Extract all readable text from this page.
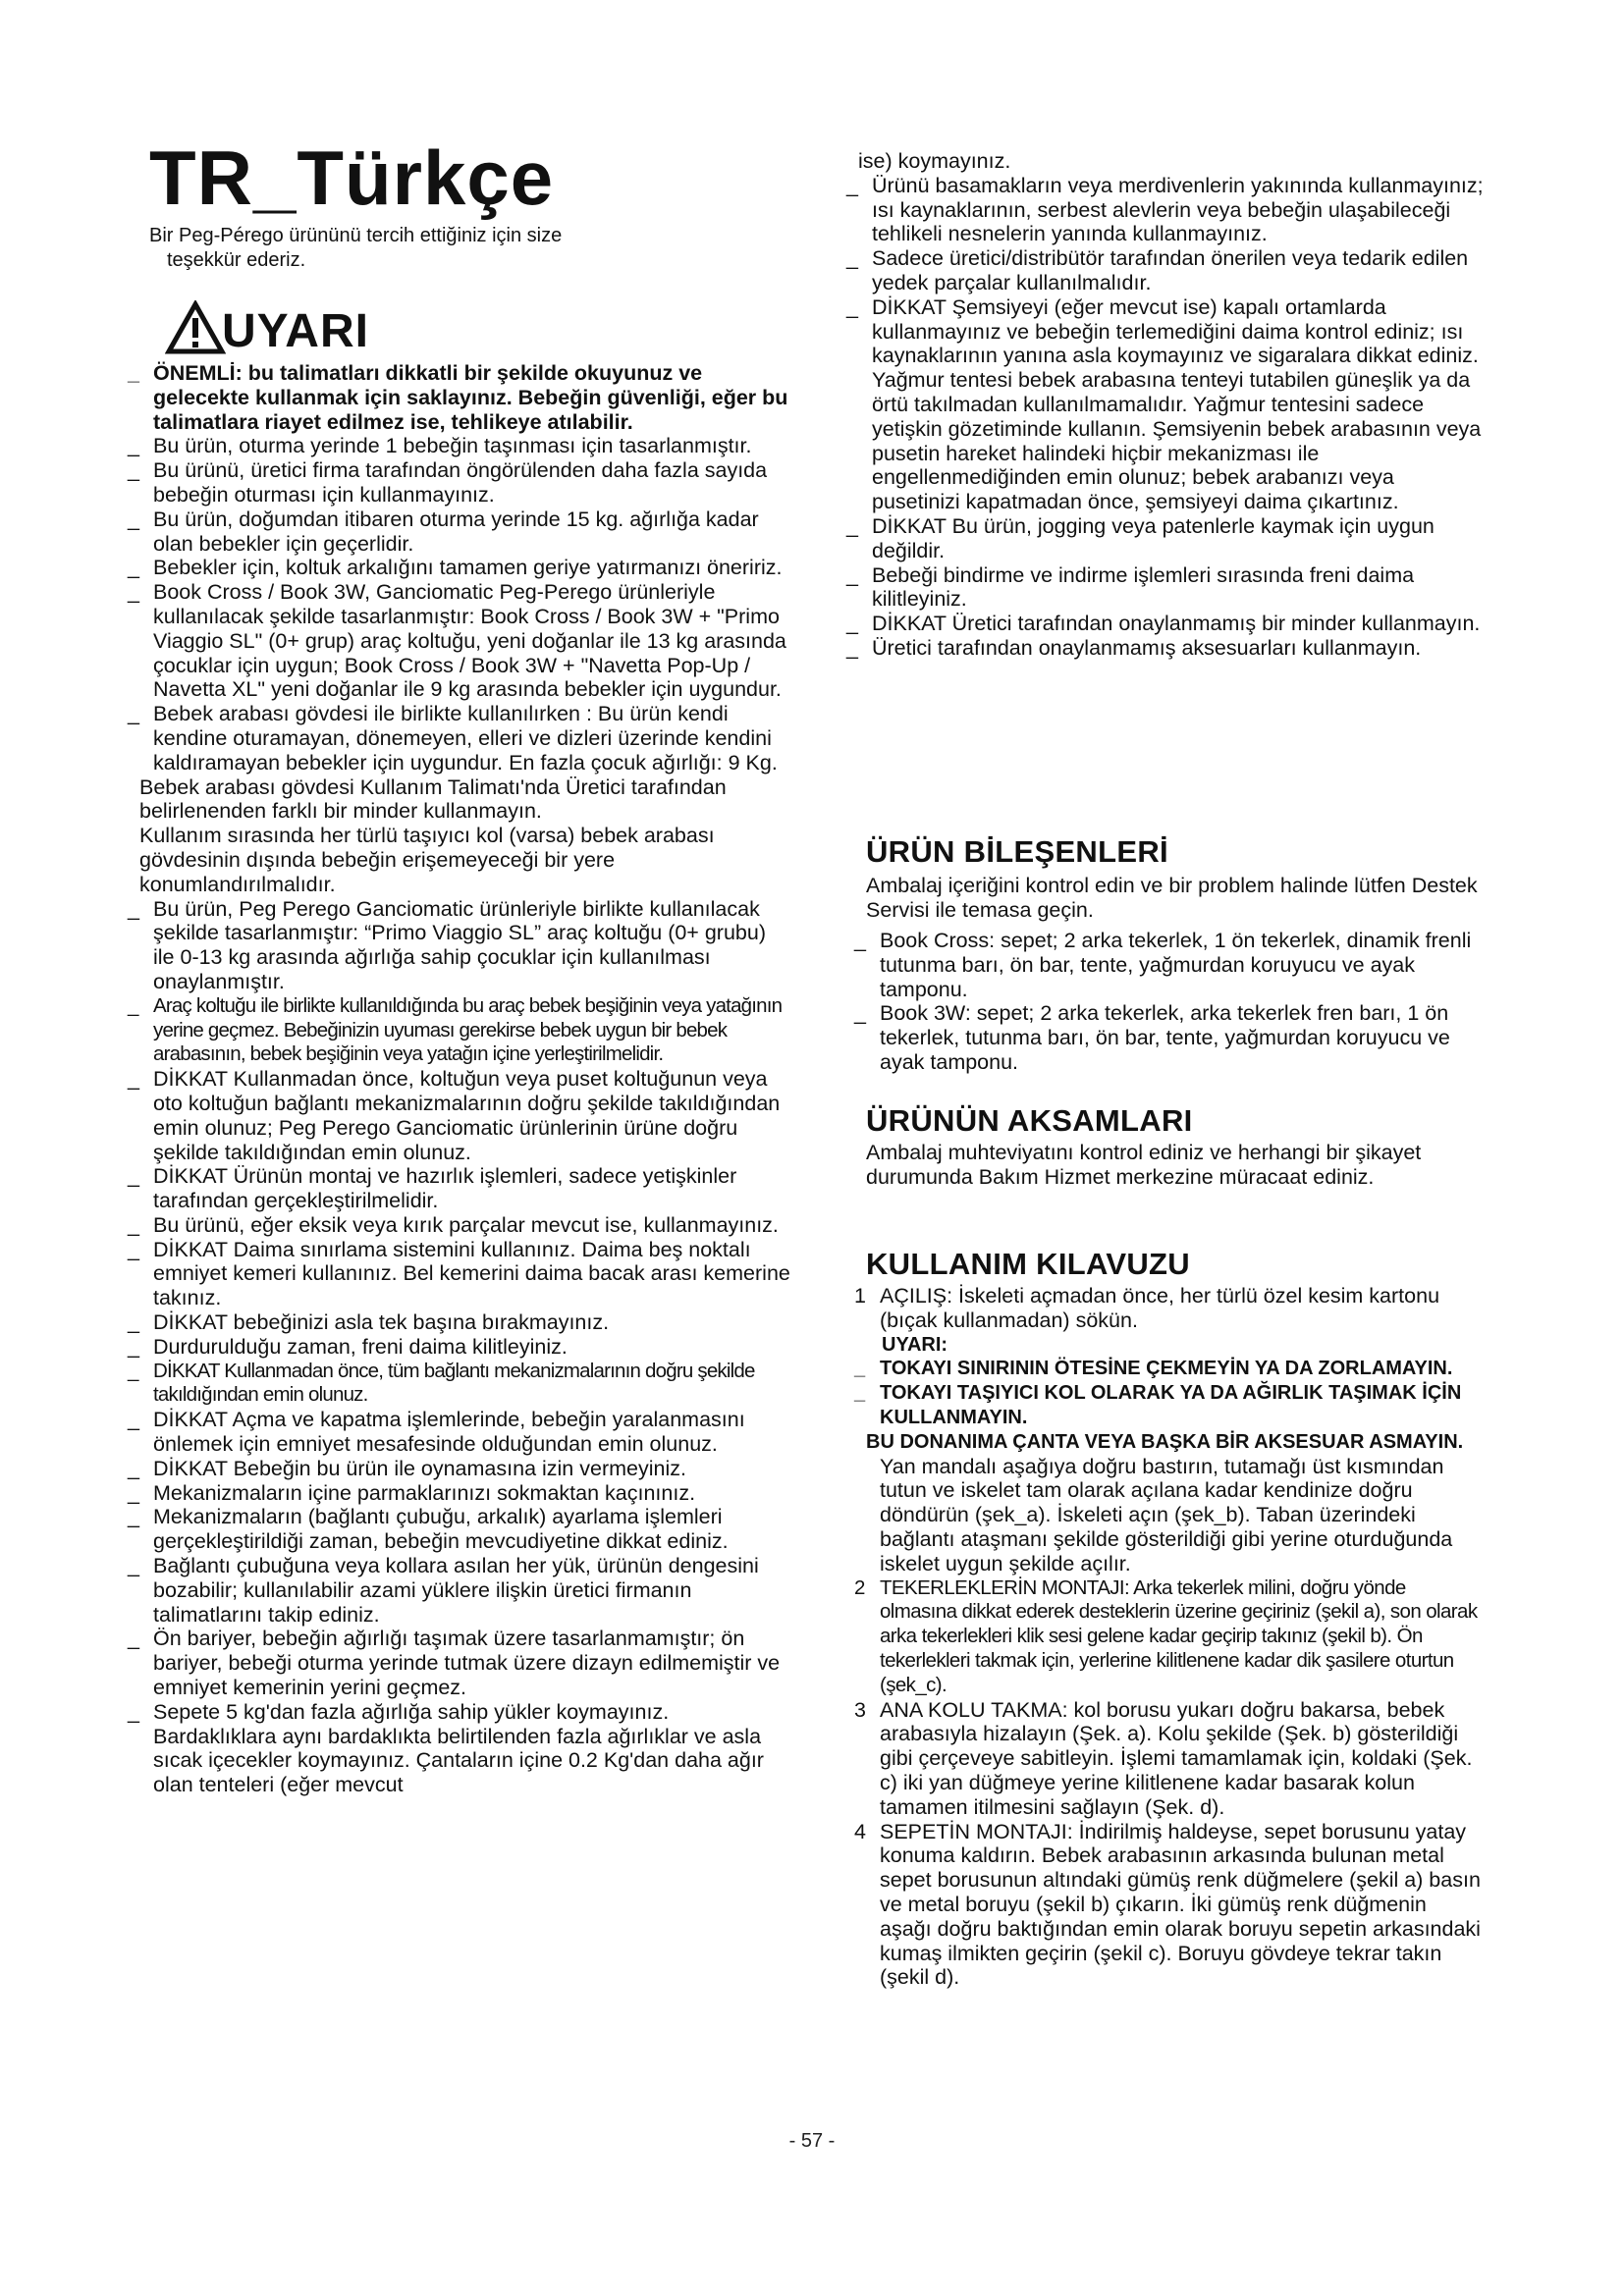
TR_Türkçe
Bir Peg-Pérego ürününü tercih ettiğiniz için size
teşekkür ederiz.
UYARI
_ ÖNEMLİ: bu talimatları dikkatli bir şekilde okuyunuz ve gelecekte kullanmak için saklayınız. Bebeğin güvenliği, eğer bu talimatlara riayet edilmez ise, tehlikeye atılabilir.
_ Bu ürün, oturma yerinde 1 bebeğin taşınması için tasarlanmıştır.
_ Bu ürünü, üretici firma tarafından öngörülenden daha fazla sayıda bebeğin oturması için kullanmayınız.
_ Bu ürün, doğumdan itibaren oturma yerinde 15 kg. ağırlığa kadar olan bebekler için geçerlidir.
_ Bebekler için, koltuk arkalığını tamamen geriye yatırmanızı öneririz.
_ Book Cross / Book 3W, Ganciomatic Peg-Perego ürünleriyle kullanılacak şekilde tasarlanmıştır: Book Cross / Book 3W + "Primo Viaggio SL" (0+ grup) araç koltuğu, yeni doğanlar ile 13 kg arasında çocuklar için uygun; Book Cross / Book 3W + "Navetta Pop-Up / Navetta XL" yeni doğanlar ile 9 kg arasında bebekler için uygundur.
_ Bebek arabası gövdesi ile birlikte kullanılırken : Bu ürün kendi kendine oturamayan, dönemeyen, elleri ve dizleri üzerinde kendini kaldıramayan bebekler için uygundur. En fazla çocuk ağırlığı: 9 Kg.
Bebek arabası gövdesi Kullanım Talimatı'nda Üretici tarafından belirlenenden farklı bir minder kullanmayın.
Kullanım sırasında her türlü taşıyıcı kol (varsa) bebek arabası gövdesinin dışında bebeğin erişemeyeceği bir yere konumlandırılmalıdır.
_ Bu ürün, Peg Perego Ganciomatic ürünleriyle birlikte kullanılacak şekilde tasarlanmıştır: “Primo Viaggio SL” araç koltuğu (0+ grubu) ile 0-13 kg arasında ağırlığa sahip çocuklar için kullanılması onaylanmıştır.
_ Araç koltuğu ile birlikte kullanıldığında bu araç bebek beşiğinin veya yatağının yerine geçmez. Bebeğinizin uyuması gerekirse bebek uygun bir bebek arabasının, bebek beşiğinin veya yatağın içine yerleştirilmelidir.
_ DİKKAT Kullanmadan önce, koltuğun veya puset koltuğunun veya oto koltuğun bağlantı mekanizmalarının doğru şekilde takıldığından emin olunuz; Peg Perego Ganciomatic ürünlerinin ürüne doğru şekilde takıldığından emin olunuz.
_ DİKKAT Ürünün montaj ve hazırlık işlemleri, sadece yetişkinler tarafından gerçekleştirilmelidir.
_ Bu ürünü, eğer eksik veya kırık parçalar mevcut ise, kullanmayınız.
_ DİKKAT Daima sınırlama sistemini kullanınız. Daima beş noktalı emniyet kemeri kullanınız. Bel kemerini daima bacak arası kemerine takınız.
_ DİKKAT bebeğinizi asla tek başına bırakmayınız.
_ Durdurulduğu zaman, freni daima kilitleyiniz.
_ DİKKAT Kullanmadan önce, tüm bağlantı mekanizmalarının doğru şekilde takıldığından emin olunuz.
_ DİKKAT Açma ve kapatma işlemlerinde, bebeğin yaralanmasını önlemek için emniyet mesafesinde olduğundan emin olunuz.
_ DİKKAT Bebeğin bu ürün ile oynamasına izin vermeyiniz.
_ Mekanizmaların içine parmaklarınızı sokmaktan kaçınınız.
_ Mekanizmaların (bağlantı çubuğu, arkalık) ayarlama işlemleri gerçekleştirildiği zaman, bebeğin mevcudiyetine dikkat ediniz.
_ Bağlantı çubuğuna veya kollara asılan her yük, ürünün dengesini bozabilir; kullanılabilir azami yüklere ilişkin üretici firmanın talimatlarını takip ediniz.
_ Ön bariyer, bebeğin ağırlığı taşımak üzere tasarlanmamıştır; ön bariyer, bebeği oturma yerinde tutmak üzere dizayn edilmemiştir ve emniyet kemerinin yerini geçmez.
_ Sepete 5 kg'dan fazla ağırlığa sahip yükler koymayınız. Bardaklıklara aynı bardaklıkta belirtilenden fazla ağırlıklar ve asla sıcak içecekler koymayınız. Çantaların içine 0.2 Kg'dan daha ağır olan tenteleri (eğer mevcut
ise) koymayınız.
_ Ürünü basamakların veya merdivenlerin yakınında kullanmayınız; ısı kaynaklarının, serbest alevlerin veya bebeğin ulaşabileceği tehlikeli nesnelerin yanında kullanmayınız.
_ Sadece üretici/distribütör tarafından önerilen veya tedarik edilen yedek parçalar kullanılmalıdır.
_ DİKKAT Şemsiyeyi (eğer mevcut ise) kapalı ortamlarda kullanmayınız ve bebeğin terlemediğini daima kontrol ediniz; ısı kaynaklarının yanına asla koymayınız ve sigaralara dikkat ediniz. Yağmur tentesi bebek arabasına tenteyi tutabilen güneşlik ya da örtü takılmadan kullanılmamalıdır. Yağmur tentesini sadece yetişkin gözetiminde kullanın. Şemsiyenin bebek arabasının veya pusetin hareket halindeki hiçbir mekanizması ile engellenmediğinden emin olunuz; bebek arabanızı veya pusetinizi kapatmadan önce, şemsiyeyi daima çıkartınız.
_ DİKKAT Bu ürün, jogging veya patenlerle kaymak için uygun değildir.
_ Bebeği bindirme ve indirme işlemleri sırasında freni daima kilitleyiniz.
_ DİKKAT Üretici tarafından onaylanmamış bir minder kullanmayın.
_ Üretici tarafından onaylanmamış aksesuarları kullanmayın.
ÜRÜN BİLEŞENLERİ
Ambalaj içeriğini kontrol edin ve bir problem halinde lütfen Destek Servisi ile temasa geçin.
_ Book Cross: sepet; 2 arka tekerlek, 1 ön tekerlek, dinamik frenli tutunma barı, ön bar, tente, yağmurdan koruyucu ve ayak tamponu.
_ Book 3W: sepet; 2 arka tekerlek, arka tekerlek fren barı, 1 ön tekerlek, tutunma barı, ön bar, tente, yağmurdan koruyucu ve ayak tamponu.
ÜRÜNÜN AKSAMLARI
Ambalaj muhteviyatını kontrol ediniz ve herhangi bir şikayet durumunda Bakım Hizmet merkezine müracaat ediniz.
KULLANIM KILAVUZU
1 AÇILIŞ: İskeleti açmadan önce, her türlü özel kesim kartonu (bıçak kullanmadan) sökün.
UYARI:
_ TOKAYI SINIRININ ÖTESİNE ÇEKMEYİN YA DA ZORLAMAYIN.
_ TOKAYI TAŞIYICI KOL OLARAK YA DA AĞIRLIK TAŞIMAK İÇİN KULLANMAYIN.
BU DONANIMA ÇANTA VEYA BAŞKA BİR AKSESUAR ASMAYIN.
Yan mandalı aşağıya doğru bastırın, tutamağı üst kısmından tutun ve iskelet tam olarak açılana kadar kendinize doğru döndürün (şek_a). İskeleti açın (şek_b). Taban üzerindeki bağlantı ataşmanı şekilde gösterildiği gibi yerine oturduğunda iskelet uygun şekilde açılır.
2 TEKERLEKLERİN MONTAJI: Arka tekerlek milini, doğru yönde olmasına dikkat ederek desteklerin üzerine geçiriniz (şekil a), son olarak arka tekerlekleri klik sesi gelene kadar geçirip takınız (şekil b). Ön tekerlekleri takmak için, yerlerine kilitlenene kadar dik şasilere oturtun (şek_c).
3 ANA KOLU TAKMA: kol borusu yukarı doğru bakarsa, bebek arabasıyla hizalayın (Şek. a). Kolu şekilde (Şek. b) gösterildiği gibi çerçeveye sabitleyin. İşlemi tamamlamak için, koldaki (Şek. c) iki yan düğmeye yerine kilitlenene kadar basarak kolun tamamen itilmesini sağlayın (Şek. d).
4 SEPETİN MONTAJI: İndirilmiş haldeyse, sepet borusunu yatay konuma kaldırın. Bebek arabasının arkasında bulunan metal sepet borusunun altındaki gümüş renk düğmelere (şekil a) basın ve metal boruyu (şekil b) çıkarın. İki gümüş renk düğmenin aşağı doğru baktığından emin olarak boruyu sepetin arkasındaki kumaş ilmikten geçirin (şekil c). Boruyu gövdeye tekrar takın (şekil d).
- 57 -
